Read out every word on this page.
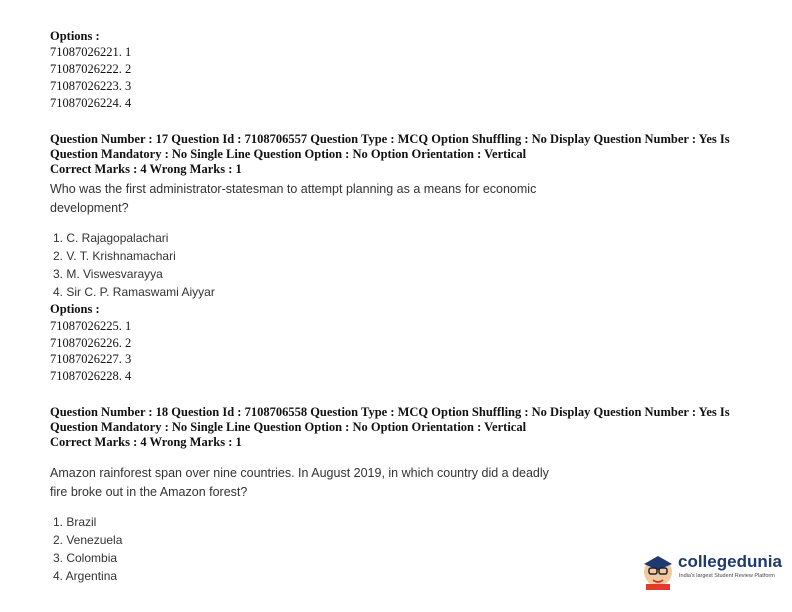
Options :
71087026221. 1
71087026222. 2
71087026223. 3
71087026224. 4
Question Number : 17 Question Id : 7108706557 Question Type : MCQ Option Shuffling : No Display Question Number : Yes Is
Question Mandatory : No Single Line Question Option : No Option Orientation : Vertical
Correct Marks : 4 Wrong Marks : 1
Who was the first administrator-statesman to attempt planning as a means for economic development?
1. C. Rajagopalachari
2. V. T. Krishnamachari
3. M. Viswesvarayya
4. Sir C. P. Ramaswami Aiyyar
Options :
71087026225. 1
71087026226. 2
71087026227. 3
71087026228. 4
Question Number : 18 Question Id : 7108706558 Question Type : MCQ Option Shuffling : No Display Question Number : Yes Is
Question Mandatory : No Single Line Question Option : No Option Orientation : Vertical
Correct Marks : 4 Wrong Marks : 1
Amazon rainforest span over nine countries. In August 2019, in which country did a deadly fire broke out in the Amazon forest?
1. Brazil
2. Venezuela
3. Colombia
4. Argentina
collegedunia
India's largest Student Review Platform
